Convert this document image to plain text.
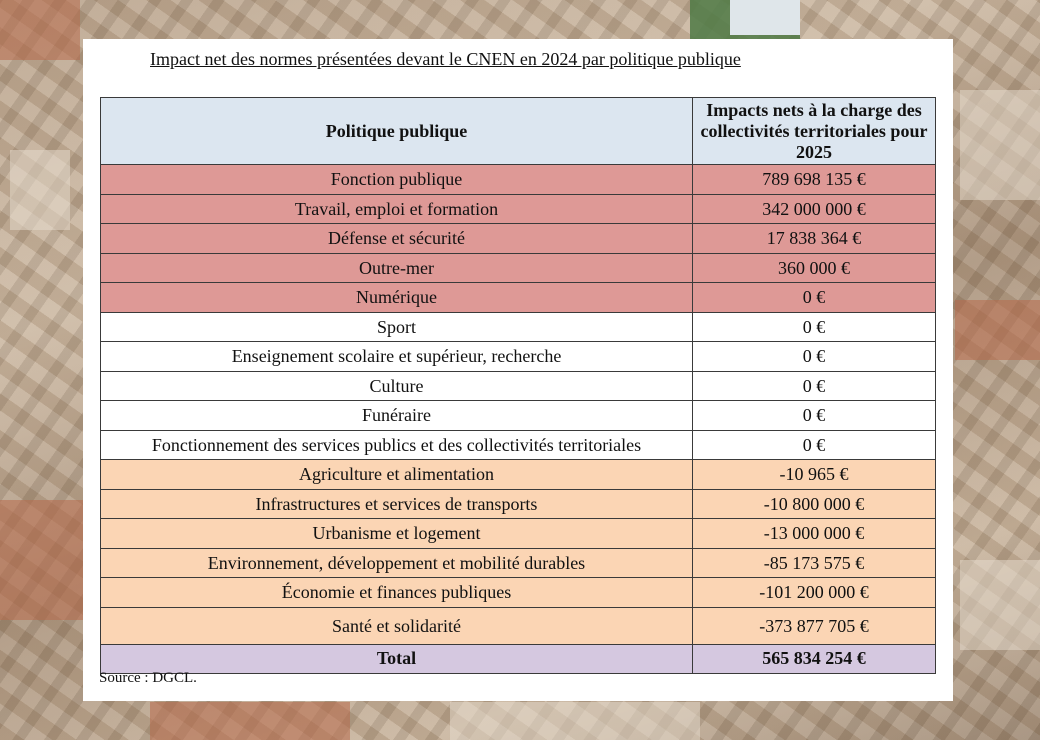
Impact net des normes présentées devant le CNEN en 2024 par politique publique
Politique publique	Impacts nets à la charge des collectivités territoriales pour 2025
Fonction publique	789 698 135 €
Travail, emploi et formation	342 000 000 €
Défense et sécurité	17 838 364 €
Outre-mer	360 000 €
Numérique	0 €
Sport	0 €
Enseignement scolaire et supérieur, recherche	0 €
Culture	0 €
Funéraire	0 €
Fonctionnement des services publics et des collectivités territoriales	0 €
Agriculture et alimentation	-10 965 €
Infrastructures et services de transports	-10 800 000 €
Urbanisme et logement	-13 000 000 €
Environnement, développement et mobilité durables	-85 173 575 €
Économie et finances publiques	-101 200 000 €
Santé et solidarité	-373 877 705 €
Total	565 834 254 €
Source : DGCL.
